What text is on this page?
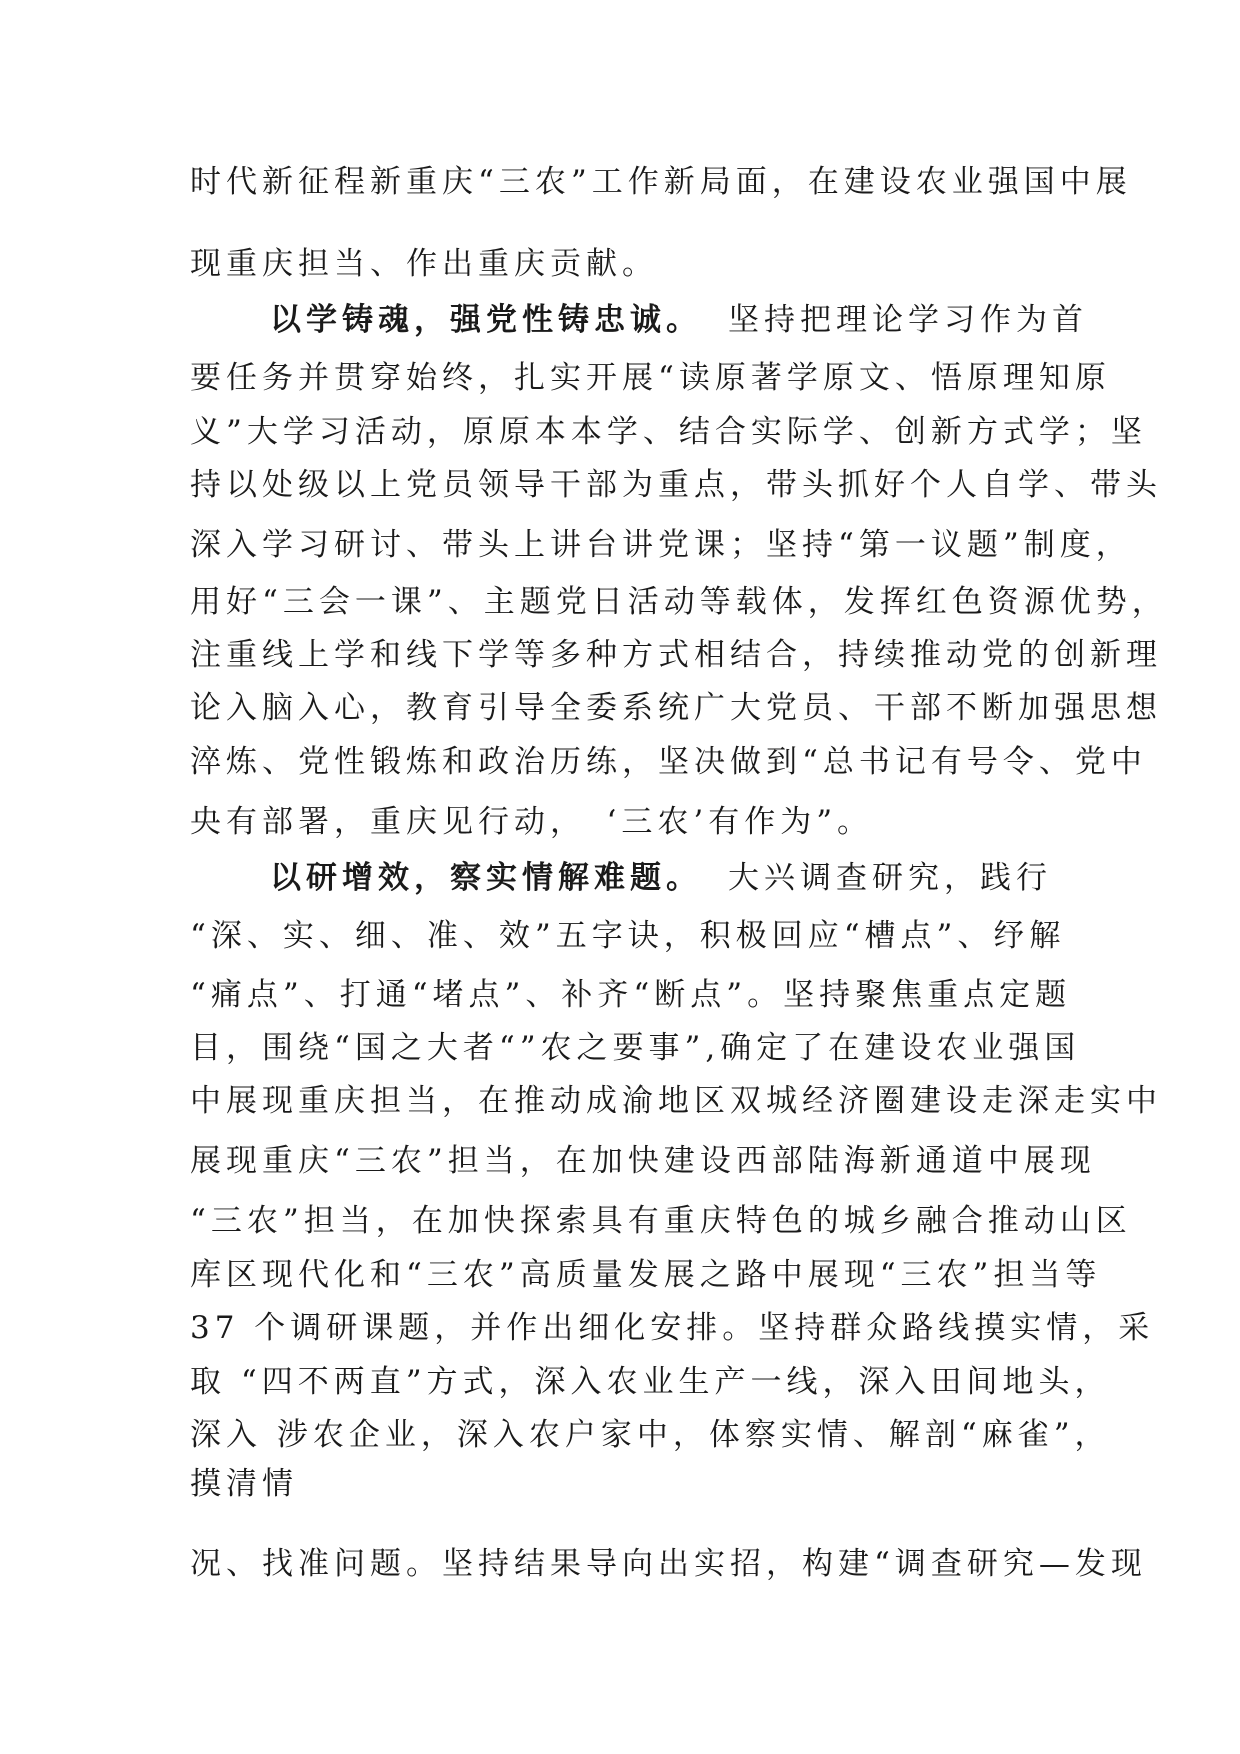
时代新征程新重庆“三农”工作新局面，在建设农业强国中展
现重庆担当、作出重庆贡献。
以学铸魂，强党性铸忠诚。 坚持把理论学习作为首
要任务并贯穿始终，扎实开展“读原著学原文、悟原理知原
义”大学习活动，原原本本学、结合实际学、创新方式学；坚
持以处级以上党员领导干部为重点，带头抓好个人自学、带头
深入学习研讨、带头上讲台讲党课；坚持“第一议题”制度，
用好“三会一课”、主题党日活动等载体，发挥红色资源优势，
注重线上学和线下学等多种方式相结合，持续推动党的创新理
论入脑入心，教育引导全委系统广大党员、干部不断加强思想
淬炼、党性锻炼和政治历练，坚决做到“总书记有号令、党中
央有部署，重庆见行动，　‘三农’有作为”。
以研增效，察实情解难题。 大兴调查研究，践行
“深、实、细、准、效”五字诀，积极回应“槽点”、纾解
“痛点”、打通“堵点”、补齐“断点”。坚持聚焦重点定题
目，围绕“国之大者“”农之要事”,确定了在建设农业强国
中展现重庆担当，在推动成渝地区双城经济圈建设走深走实中
展现重庆“三农”担当，在加快建设西部陆海新通道中展现
“三农”担当，在加快探索具有重庆特色的城乡融合推动山区
库区现代化和“三农”高质量发展之路中展现“三农”担当等
37 个调研课题，并作出细化安排。坚持群众路线摸实情，采
取 “四不两直”方式，深入农业生产一线，深入田间地头，
深入 涉农企业，深入农户家中，体察实情、解剖“麻雀”，
摸清情
况、找准问题。坚持结果导向出实招，构建“调查研究—发现
